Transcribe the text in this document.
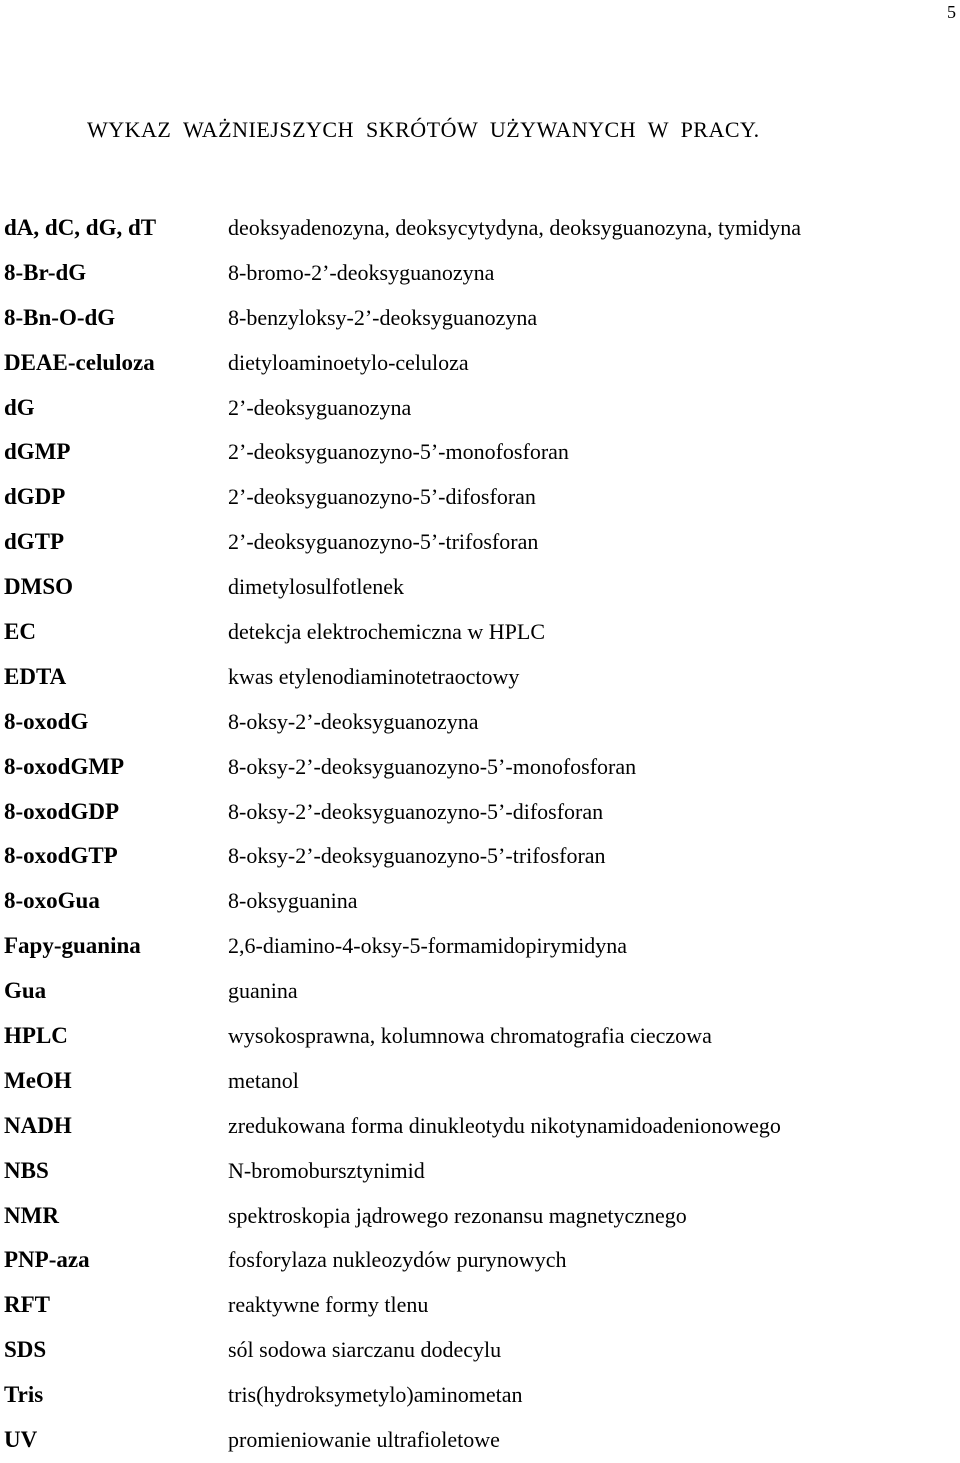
5
WYKAZ WAŻNIEJSZYCH SKRÓTÓW UŻYWANYCH W PRACY.
dA, dC, dG, dT	deoksyadenozyna, deoksycytydyna, deoksyguanozyna, tymidyna
8-Br-dG	8-bromo-2’-deoksyguanozyna
8-Bn-O-dG	8-benzyloksy-2’-deoksyguanozyna
DEAE-celuloza	dietyloaminoetylo-celuloza
dG	2’-deoksyguanozyna
dGMP	2’-deoksyguanozyno-5’-monofosforan
dGDP	2’-deoksyguanozyno-5’-difosforan
dGTP	2’-deoksyguanozyno-5’-trifosforan
DMSO	dimetylosulfotlenek
EC	detekcja elektrochemiczna w HPLC
EDTA	kwas etylenodiaminotetraoctowy
8-oxodG	8-oksy-2’-deoksyguanozyna
8-oxodGMP	8-oksy-2’-deoksyguanozyno-5’-monofosforan
8-oxodGDP	8-oksy-2’-deoksyguanozyno-5’-difosforan
8-oxodGTP	8-oksy-2’-deoksyguanozyno-5’-trifosforan
8-oxoGua	8-oksyguanina
Fapy-guanina	2,6-diamino-4-oksy-5-formamidopirymidyna
Gua	guanina
HPLC	wysokosprawna, kolumnowa chromatografia cieczowa
MeOH	metanol
NADH	zredukowana forma dinukleotydu nikotynamidoadenionowego
NBS	N-bromobursztynimid
NMR	spektroskopia jądrowego rezonansu magnetycznego
PNP-aza	fosforylaza nukleozydów purynowych
RFT	reaktywne formy tlenu
SDS	sól sodowa siarczanu dodecylu
Tris	tris(hydroksymetylo)aminometan
UV	promieniowanie ultrafioletowe
